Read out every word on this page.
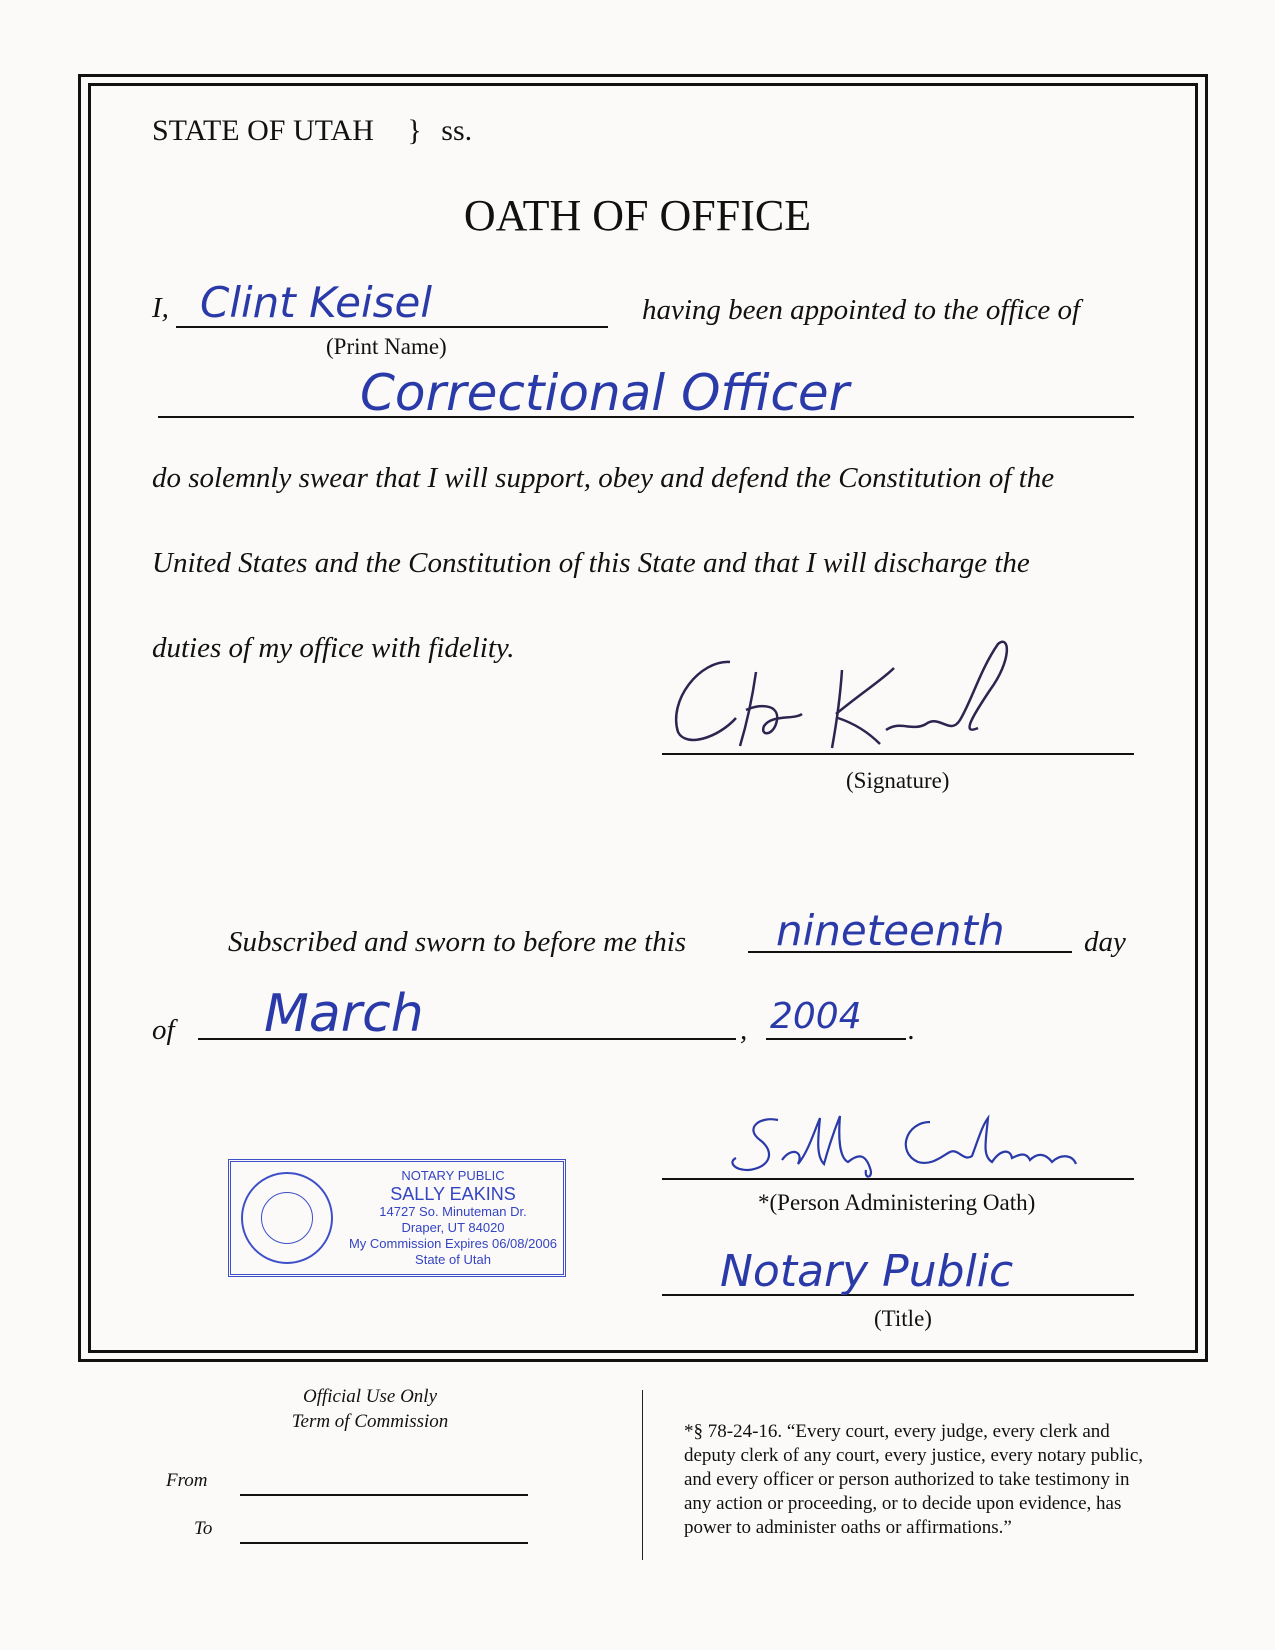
STATE OF UTAH } ss.
OATH OF OFFICE
I, Clint Keisel
(Print Name)
having been appointed to the office of
Correctional Officer
do solemnly swear that I will support, obey and defend the Constitution of the
United States and the Constitution of this State and that I will discharge the
duties of my office with fidelity.
(Signature)
Subscribed and sworn to before me this nineteenth	day
of March	, 2004 .
*(Person Administering Oath)
Notary Public
(Title)
NOTARY PUBLIC
SALLY EAKINS
14727 So. Minuteman Dr.
Draper, UT 84020
My Commission Expires 06/08/2006
State of Utah
Official Use Only
Term of Commission
From
To
*§ 78-24-16. “Every court, every judge, every clerk and
deputy clerk of any court, every justice, every notary public,
and every officer or person authorized to take testimony in
any action or proceeding, or to decide upon evidence, has
power to administer oaths or affirmations.”
